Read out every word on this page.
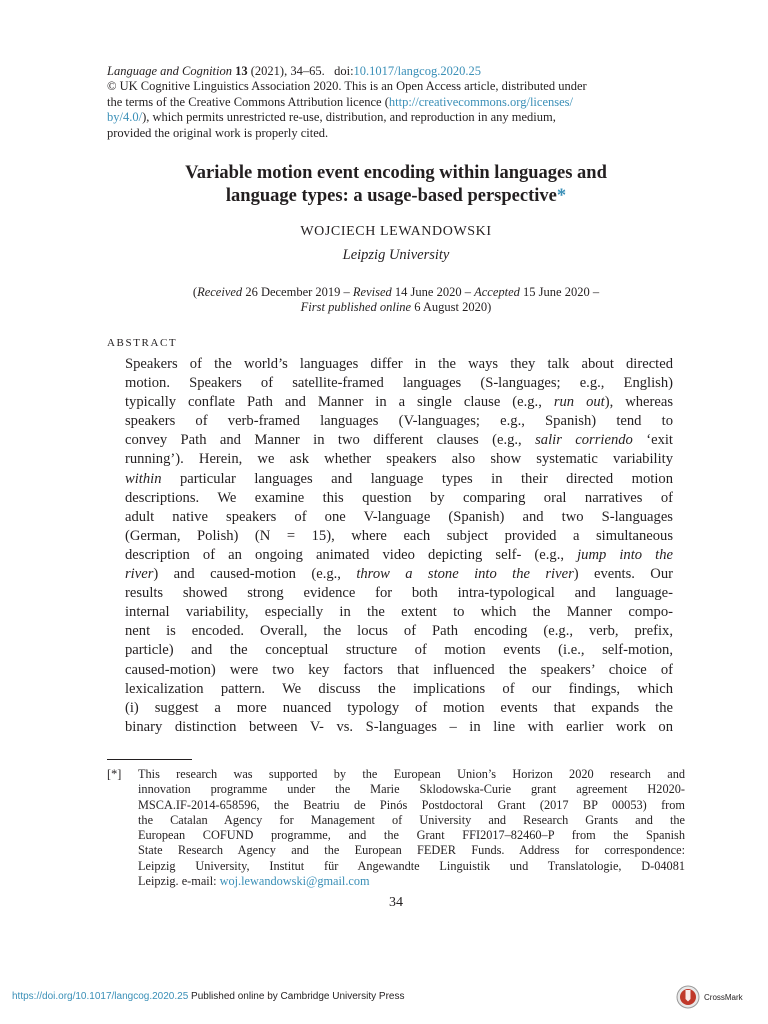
Language and Cognition 13 (2021), 34–65. doi:10.1017/langcog.2020.25
© UK Cognitive Linguistics Association 2020. This is an Open Access article, distributed under
the terms of the Creative Commons Attribution licence (http://creativecommons.org/licenses/
by/4.0/), which permits unrestricted re-use, distribution, and reproduction in any medium,
provided the original work is properly cited.
Variable motion event encoding within languages and
language types: a usage-based perspective*
WOJCIECH LEWANDOWSKI
Leipzig University
(Received 26 December 2019 – Revised 14 June 2020 – Accepted 15 June 2020 –
First published online 6 August 2020)
ABSTRACT
Speakers of the world’s languages differ in the ways they talk about directed
motion. Speakers of satellite-framed languages (S-languages; e.g., English)
typically conflate Path and Manner in a single clause (e.g., run out), whereas
speakers of verb-framed languages (V-languages; e.g., Spanish) tend to
convey Path and Manner in two different clauses (e.g., salir corriendo ‘exit
running’). Herein, we ask whether speakers also show systematic variability
within particular languages and language types in their directed motion
descriptions. We examine this question by comparing oral narratives of
adult native speakers of one V-language (Spanish) and two S-languages
(German, Polish) (N = 15), where each subject provided a simultaneous
description of an ongoing animated video depicting self- (e.g., jump into the
river) and caused-motion (e.g., throw a stone into the river) events. Our
results showed strong evidence for both intra-typological and language-
internal variability, especially in the extent to which the Manner compo-
nent is encoded. Overall, the locus of Path encoding (e.g., verb, prefix,
particle) and the conceptual structure of motion events (i.e., self-motion,
caused-motion) were two key factors that influenced the speakers’ choice of
lexicalization pattern. We discuss the implications of our findings, which
(i) suggest a more nuanced typology of motion events that expands the
binary distinction between V- vs. S-languages – in line with earlier work on
[*] This research was supported by the European Union’s Horizon 2020 research and
innovation programme under the Marie Sklodowska-Curie grant agreement H2020-
MSCA.IF-2014-658596, the Beatriu de Pinós Postdoctoral Grant (2017 BP 00053) from
the Catalan Agency for Management of University and Research Grants and the
European COFUND programme, and the Grant FFI2017–82460–P from the Spanish
State Research Agency and the European FEDER Funds. Address for correspondence:
Leipzig University, Institut für Angewandte Linguistik und Translatologie, D-04081
Leipzig. e-mail: woj.lewandowski@gmail.com
34
https://doi.org/10.1017/langcog.2020.25 Published online by Cambridge University Press	CrossMark
